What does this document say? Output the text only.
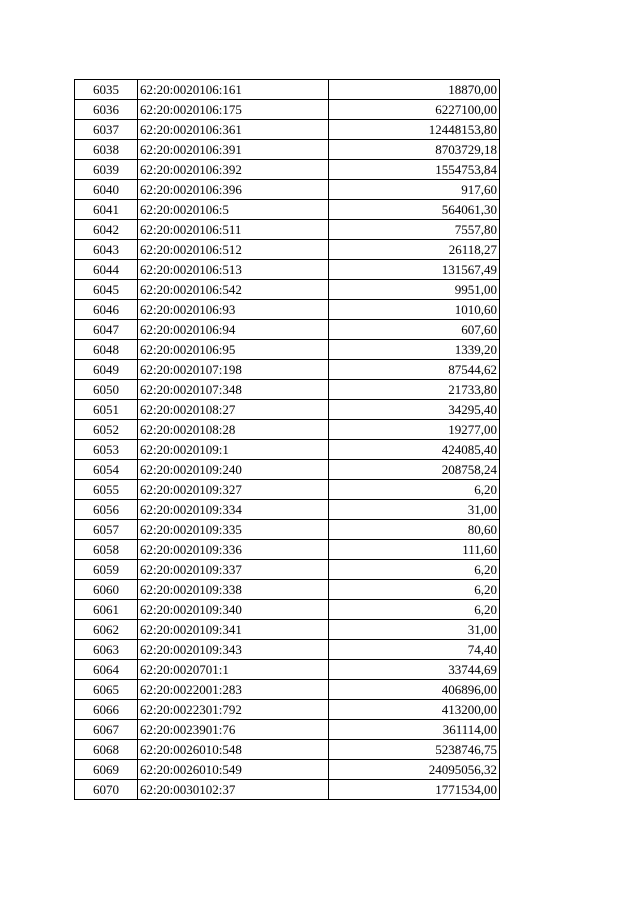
6035	62:20:0020106:161	18870,00
6036	62:20:0020106:175	6227100,00
6037	62:20:0020106:361	12448153,80
6038	62:20:0020106:391	8703729,18
6039	62:20:0020106:392	1554753,84
6040	62:20:0020106:396	917,60
6041	62:20:0020106:5	564061,30
6042	62:20:0020106:511	7557,80
6043	62:20:0020106:512	26118,27
6044	62:20:0020106:513	131567,49
6045	62:20:0020106:542	9951,00
6046	62:20:0020106:93	1010,60
6047	62:20:0020106:94	607,60
6048	62:20:0020106:95	1339,20
6049	62:20:0020107:198	87544,62
6050	62:20:0020107:348	21733,80
6051	62:20:0020108:27	34295,40
6052	62:20:0020108:28	19277,00
6053	62:20:0020109:1	424085,40
6054	62:20:0020109:240	208758,24
6055	62:20:0020109:327	6,20
6056	62:20:0020109:334	31,00
6057	62:20:0020109:335	80,60
6058	62:20:0020109:336	111,60
6059	62:20:0020109:337	6,20
6060	62:20:0020109:338	6,20
6061	62:20:0020109:340	6,20
6062	62:20:0020109:341	31,00
6063	62:20:0020109:343	74,40
6064	62:20:0020701:1	33744,69
6065	62:20:0022001:283	406896,00
6066	62:20:0022301:792	413200,00
6067	62:20:0023901:76	361114,00
6068	62:20:0026010:548	5238746,75
6069	62:20:0026010:549	24095056,32
6070	62:20:0030102:37	1771534,00
